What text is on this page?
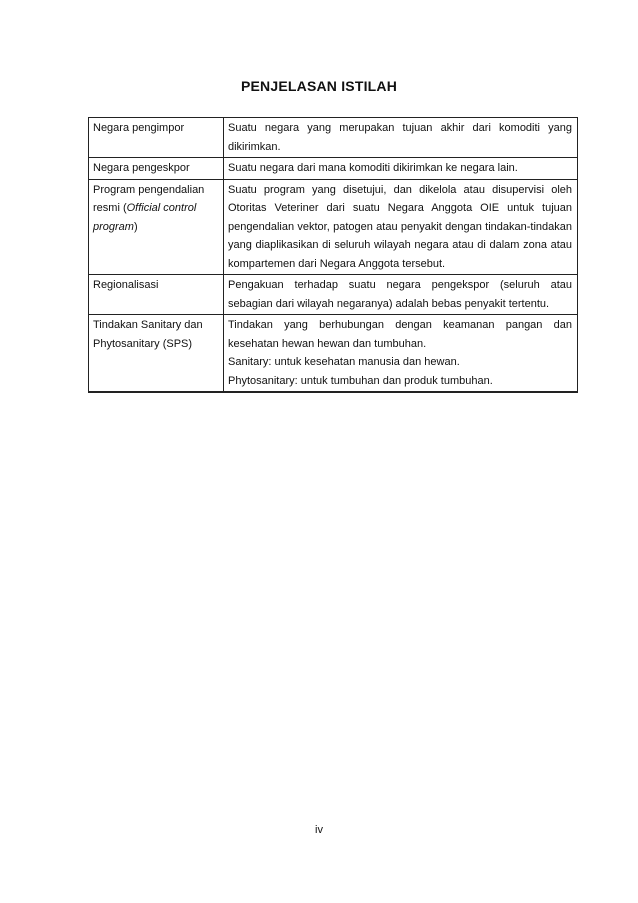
PENJELASAN ISTILAH
Negara pengimpor	Suatu negara yang merupakan tujuan akhir dari komoditi yang dikirimkan.

Negara pengeskpor	Suatu negara dari mana komoditi dikirimkan ke negara lain.

Program pengendalian resmi (Official control program)	Suatu program yang disetujui, dan dikelola atau disupervisi oleh Otoritas Veteriner dari suatu Negara Anggota OIE untuk tujuan pengendalian vektor, patogen atau penyakit dengan tindakan-tindakan yang diaplikasikan di seluruh wilayah negara atau di dalam zona atau kompartemen dari Negara Anggota tersebut.

Regionalisasi	Pengakuan terhadap suatu negara pengekspor (seluruh atau sebagian dari wilayah negaranya) adalah bebas penyakit tertentu.

Tindakan Sanitary dan Phytosanitary (SPS)	Tindakan yang berhubungan dengan keamanan pangan dan kesehatan hewan hewan dan tumbuhan.
Sanitary: untuk kesehatan manusia dan hewan.
Phytosanitary: untuk tumbuhan dan produk tumbuhan.
iv
